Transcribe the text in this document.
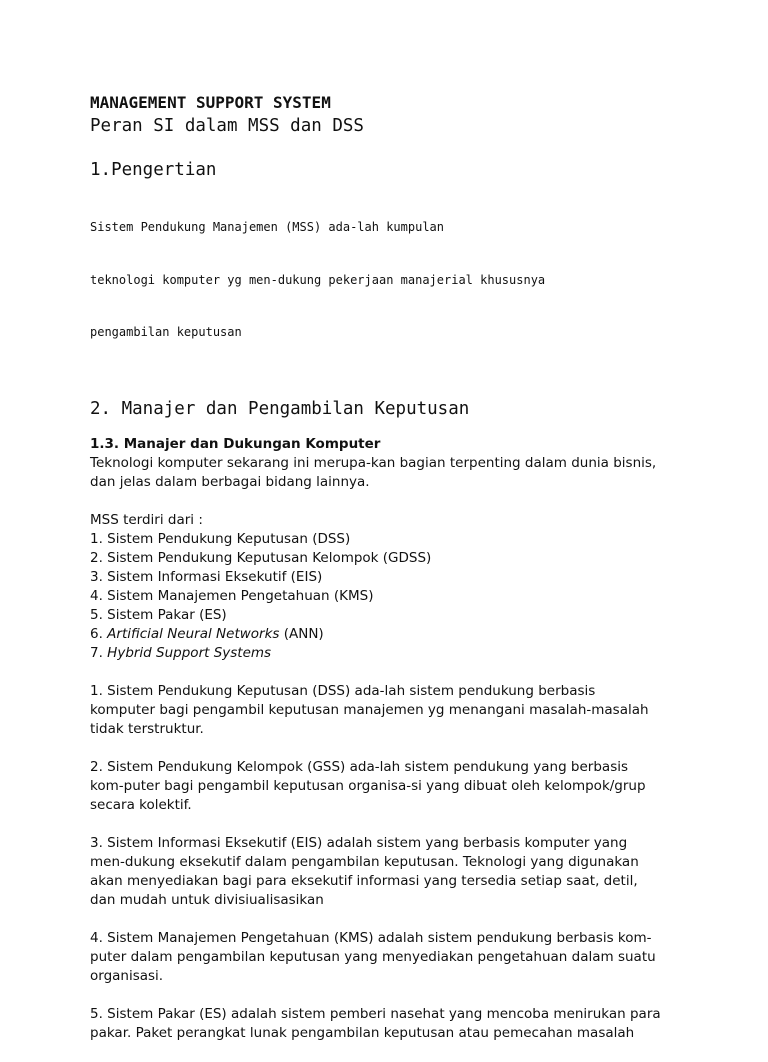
MANAGEMENT SUPPORT SYSTEM
Peran SI dalam MSS dan DSS
1.Pengertian

Sistem Pendukung Manajemen (MSS) ada-lah kumpulan

teknologi komputer yg men-dukung pekerjaan manajerial khususnya

pengambilan keputusan

2. Manajer dan Pengambilan Keputusan
1.3. Manajer dan Dukungan Komputer
Teknologi komputer sekarang ini merupa-kan bagian terpenting dalam dunia bisnis,
dan jelas dalam berbagai bidang lainnya.
MSS terdiri dari :
1. Sistem Pendukung Keputusan (DSS)
2. Sistem Pendukung Keputusan Kelompok (GDSS)
3. Sistem Informasi Eksekutif (EIS)
4. Sistem Manajemen Pengetahuan (KMS)
5. Sistem Pakar (ES)
6. Artificial Neural Networks (ANN)
7. Hybrid Support Systems
1. Sistem Pendukung Keputusan (DSS) ada-lah sistem pendukung berbasis
komputer bagi pengambil keputusan manajemen yg menangani masalah-masalah
tidak terstruktur.
2. Sistem Pendukung Kelompok (GSS) ada-lah sistem pendukung yang berbasis
kom-puter bagi pengambil keputusan organisa-si yang dibuat oleh kelompok/grup
secara kolektif.
3. Sistem Informasi Eksekutif (EIS) adalah sistem yang berbasis komputer yang
men-dukung eksekutif dalam pengambilan keputusan. Teknologi yang digunakan
akan menyediakan bagi para eksekutif informasi yang tersedia setiap saat, detil,
dan mudah untuk divisiualisasikan
4. Sistem Manajemen Pengetahuan (KMS) adalah sistem pendukung berbasis kom-
puter dalam pengambilan keputusan yang menyediakan pengetahuan dalam suatu
organisasi.
5. Sistem Pakar (ES) adalah sistem pemberi nasehat yang mencoba menirukan para
pakar. Paket perangkat lunak pengambilan keputusan atau pemecahan masalah
